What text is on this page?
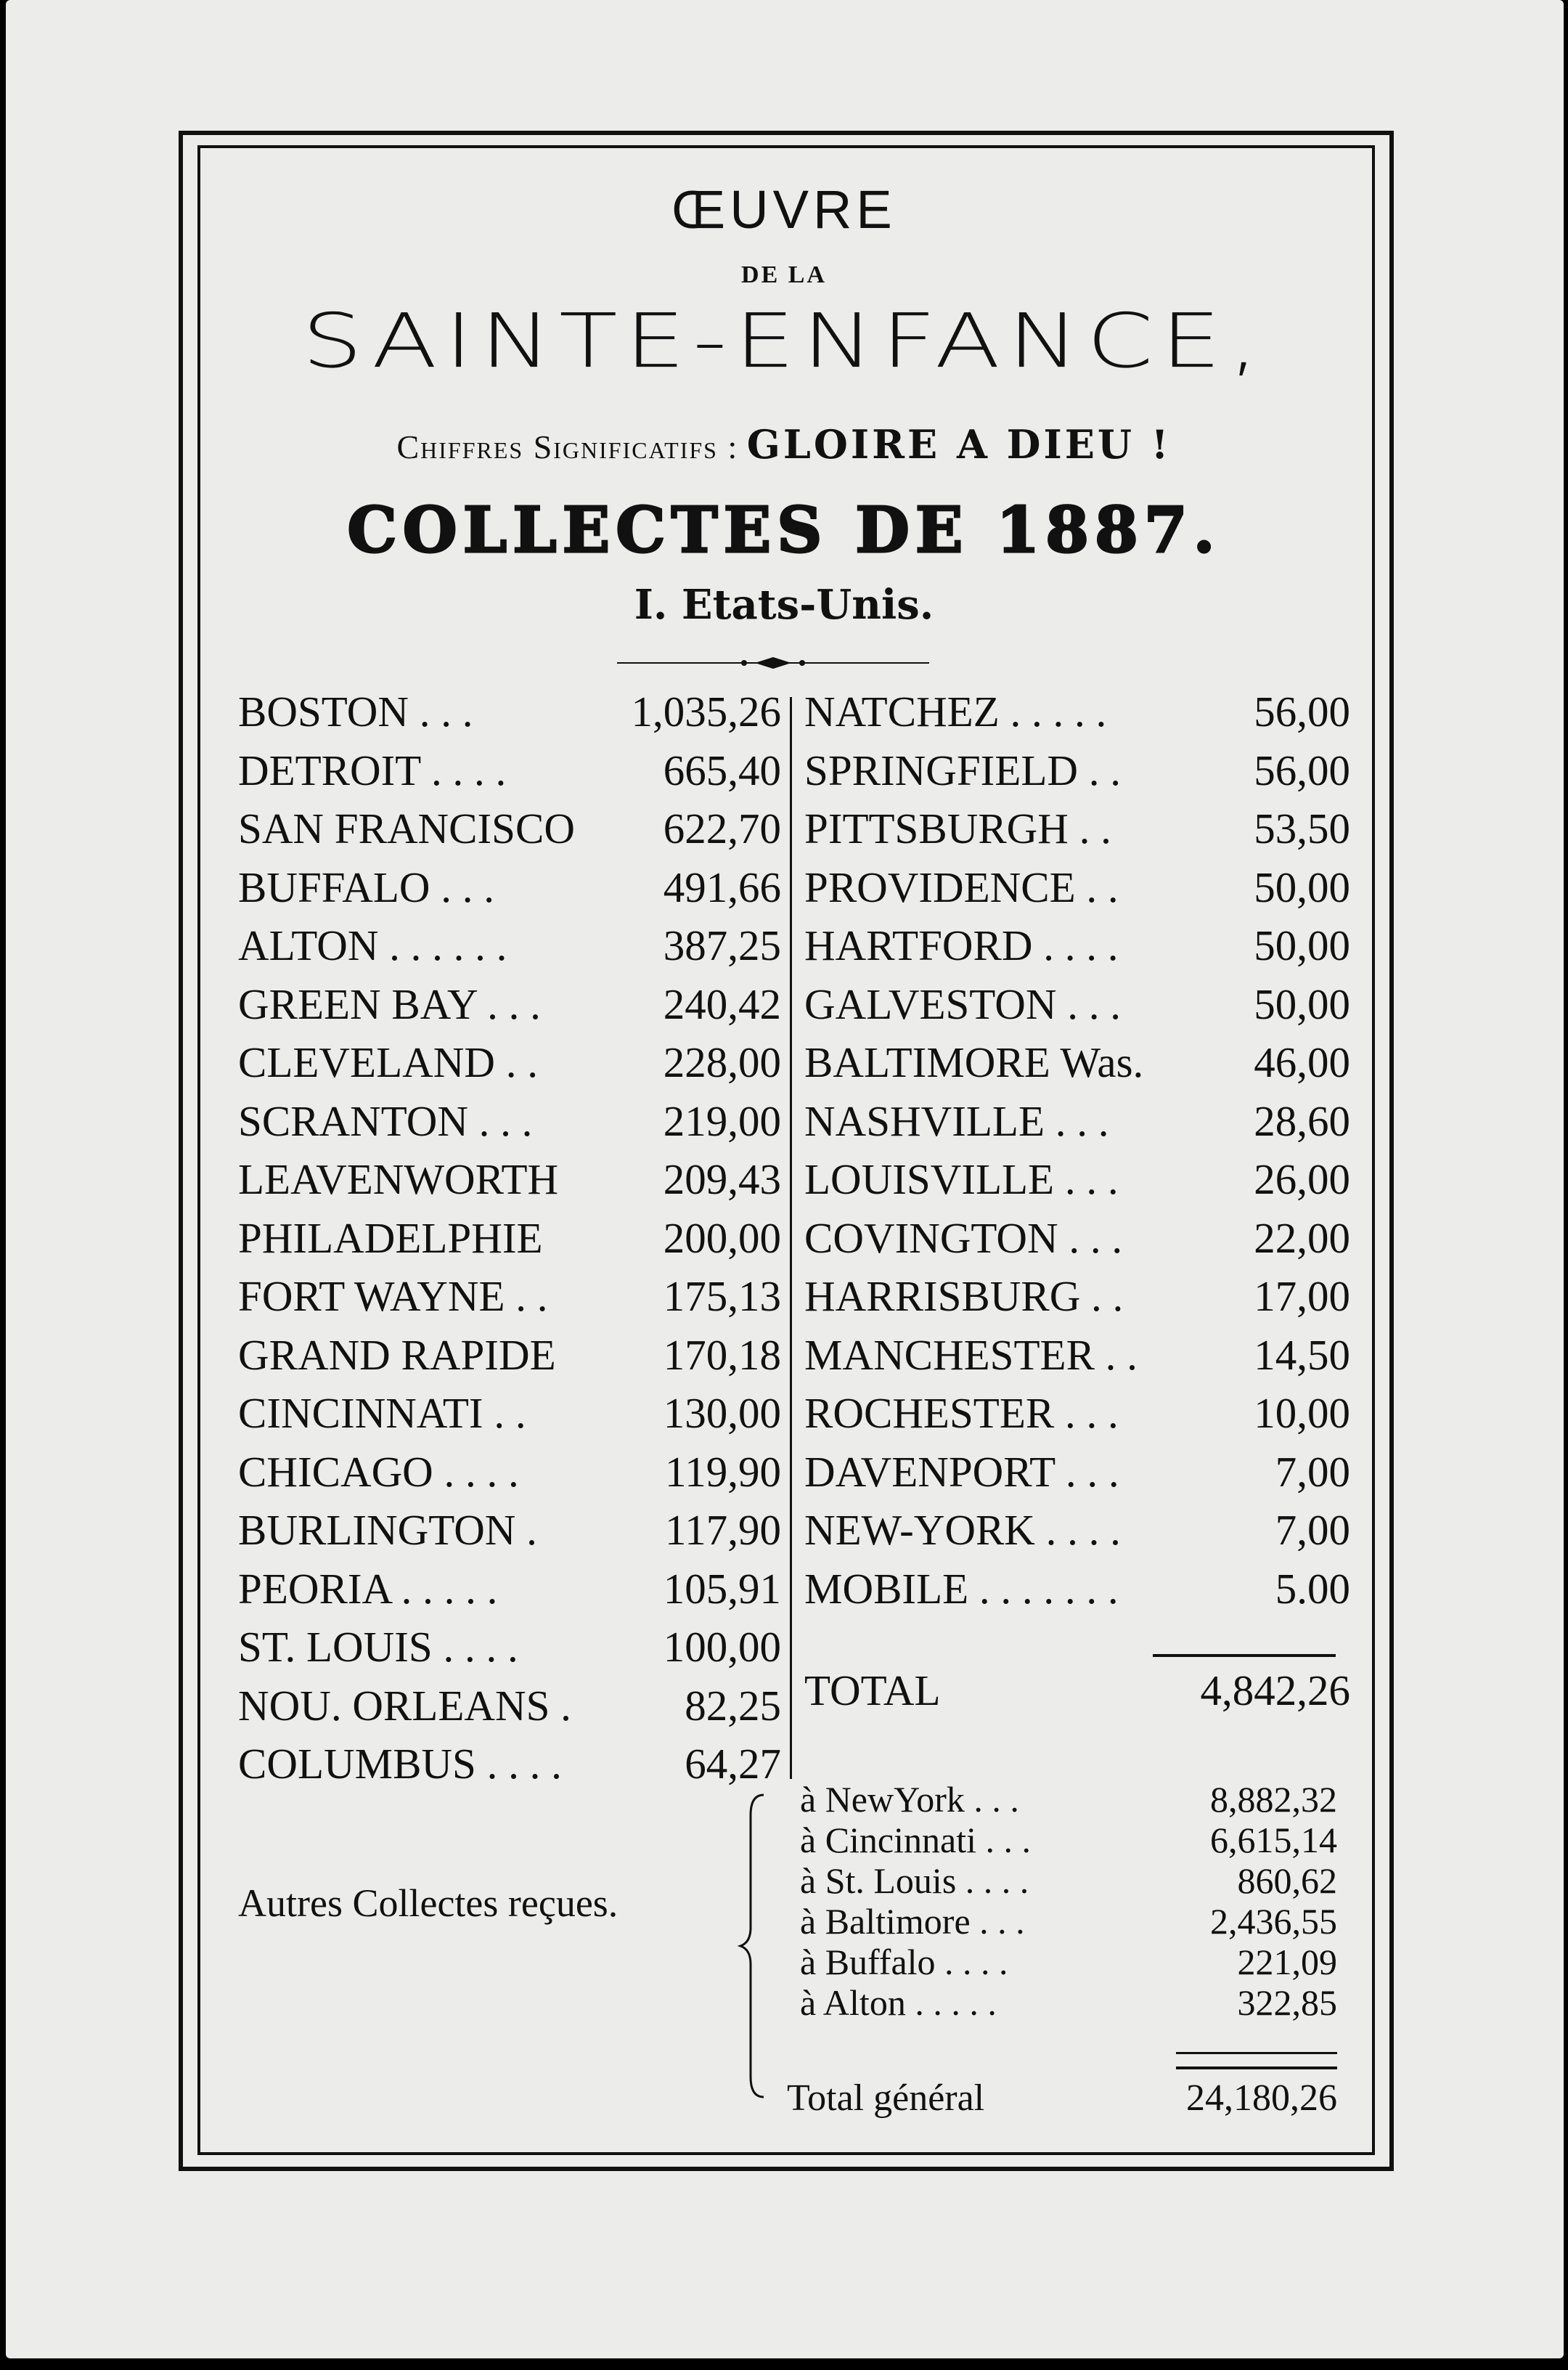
ŒUVRE
DE LA
SAINTE-ENFANCE,
Chiffres Significatifs : GLOIRE A DIEU !
COLLECTES DE 1887.
I. Etats-Unis.
BOSTON . . .	1,035,26
DETROIT . . . .	665,40
SAN FRANCISCO	622,70
BUFFALO . . .	491,66
ALTON . . . . . .	387,25
GREEN BAY . . .	240,42
CLEVELAND . .	228,00
SCRANTON . . .	219,00
LEAVENWORTH	209,43
PHILADELPHIE	200,00
FORT WAYNE . .	175,13
GRAND RAPIDE	170,18
CINCINNATI . .	130,00
CHICAGO . . . .	119,90
BURLINGTON .	117,90
PEORIA . . . . .	105,91
ST. LOUIS . . . .	100,00
NOU. ORLEANS .	82,25
COLUMBUS . . . .	64,27
NATCHEZ . . . . .	56,00
SPRINGFIELD . .	56,00
PITTSBURGH . .	53,50
PROVIDENCE . .	50,00
HARTFORD . . . .	50,00
GALVESTON . . .	50,00
BALTIMORE Was.	46,00
NASHVILLE . . .	28,60
LOUISVILLE . . .	26,00
COVINGTON . . .	22,00
HARRISBURG . .	17,00
MANCHESTER . .	14,50
ROCHESTER . . .	10,00
DAVENPORT . . .	7,00
NEW-YORK . . . .	7,00
MOBILE . . . . . . .	5.00
TOTAL	4,842,26
Autres Collectes reçues.
à NewYork . . .	8,882,32
à Cincinnati . . .	6,615,14
à St. Louis . . . .	860,62
à Baltimore . . .	2,436,55
à Buffalo . . . .	221,09
à Alton . . . . .	322,85
Total général	24,180,26
